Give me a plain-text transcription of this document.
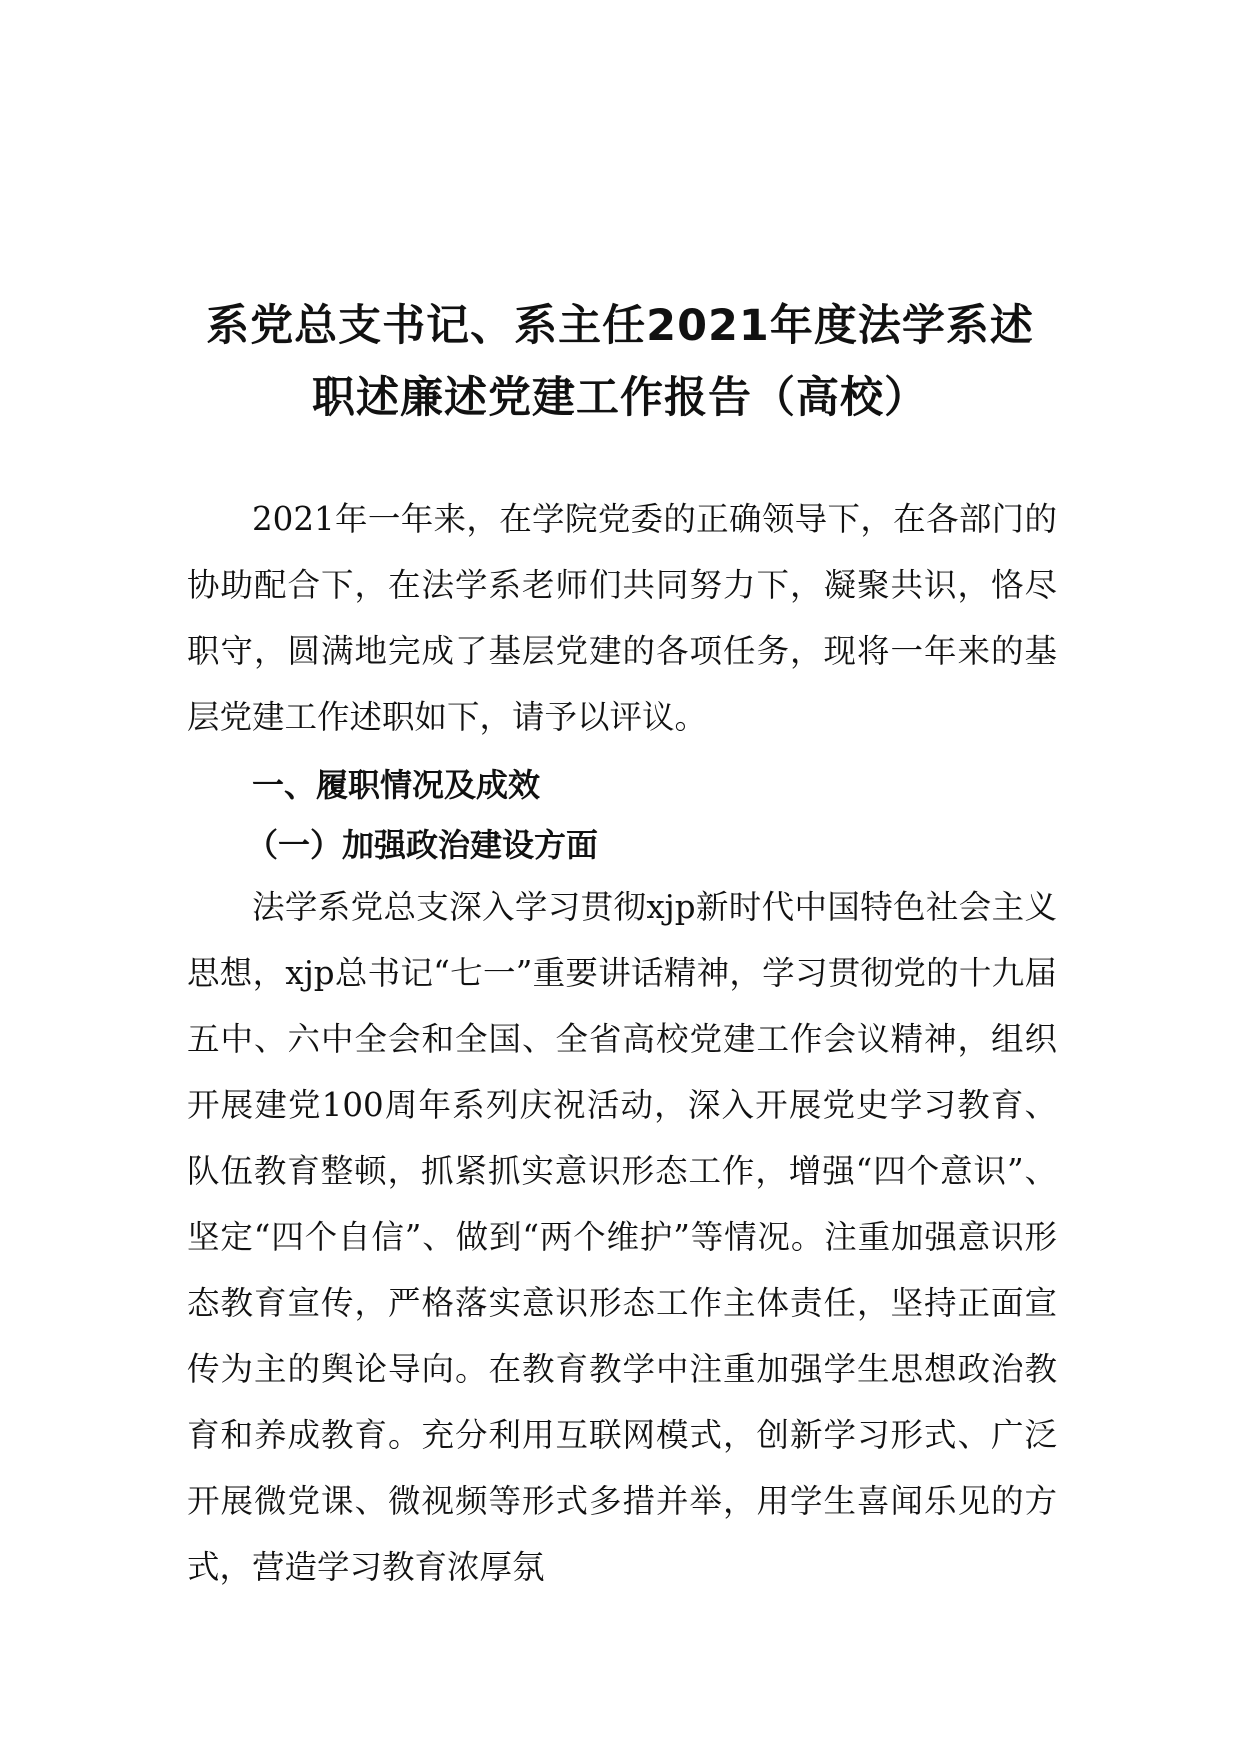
系党总支书记、系主任2021年度法学系述
职述廉述党建工作报告（高校）

2021年一年来，在学院党委的正确领导下，在各部门的协助配合下，在法学系老师们共同努力下，凝聚共识，恪尽职守，圆满地完成了基层党建的各项任务，现将一年来的基层党建工作述职如下，请予以评议。

一、履职情况及成效
（一）加强政治建设方面

法学系党总支深入学习贯彻xjp新时代中国特色社会主义思想，xjp总书记“七一”重要讲话精神，学习贯彻党的十九届五中、六中全会和全国、全省高校党建工作会议精神，组织开展建党100周年系列庆祝活动，深入开展党史学习教育、队伍教育整顿，抓紧抓实意识形态工作，增强“四个意识”、坚定“四个自信”、做到“两个维护”等情况。注重加强意识形态教育宣传，严格落实意识形态工作主体责任，坚持正面宣传为主的舆论导向。在教育教学中注重加强学生思想政治教育和养成教育。充分利用互联网模式，创新学习形式、广泛开展微党课、微视频等形式多措并举，用学生喜闻乐见的方式，营造学习教育浓厚氛
